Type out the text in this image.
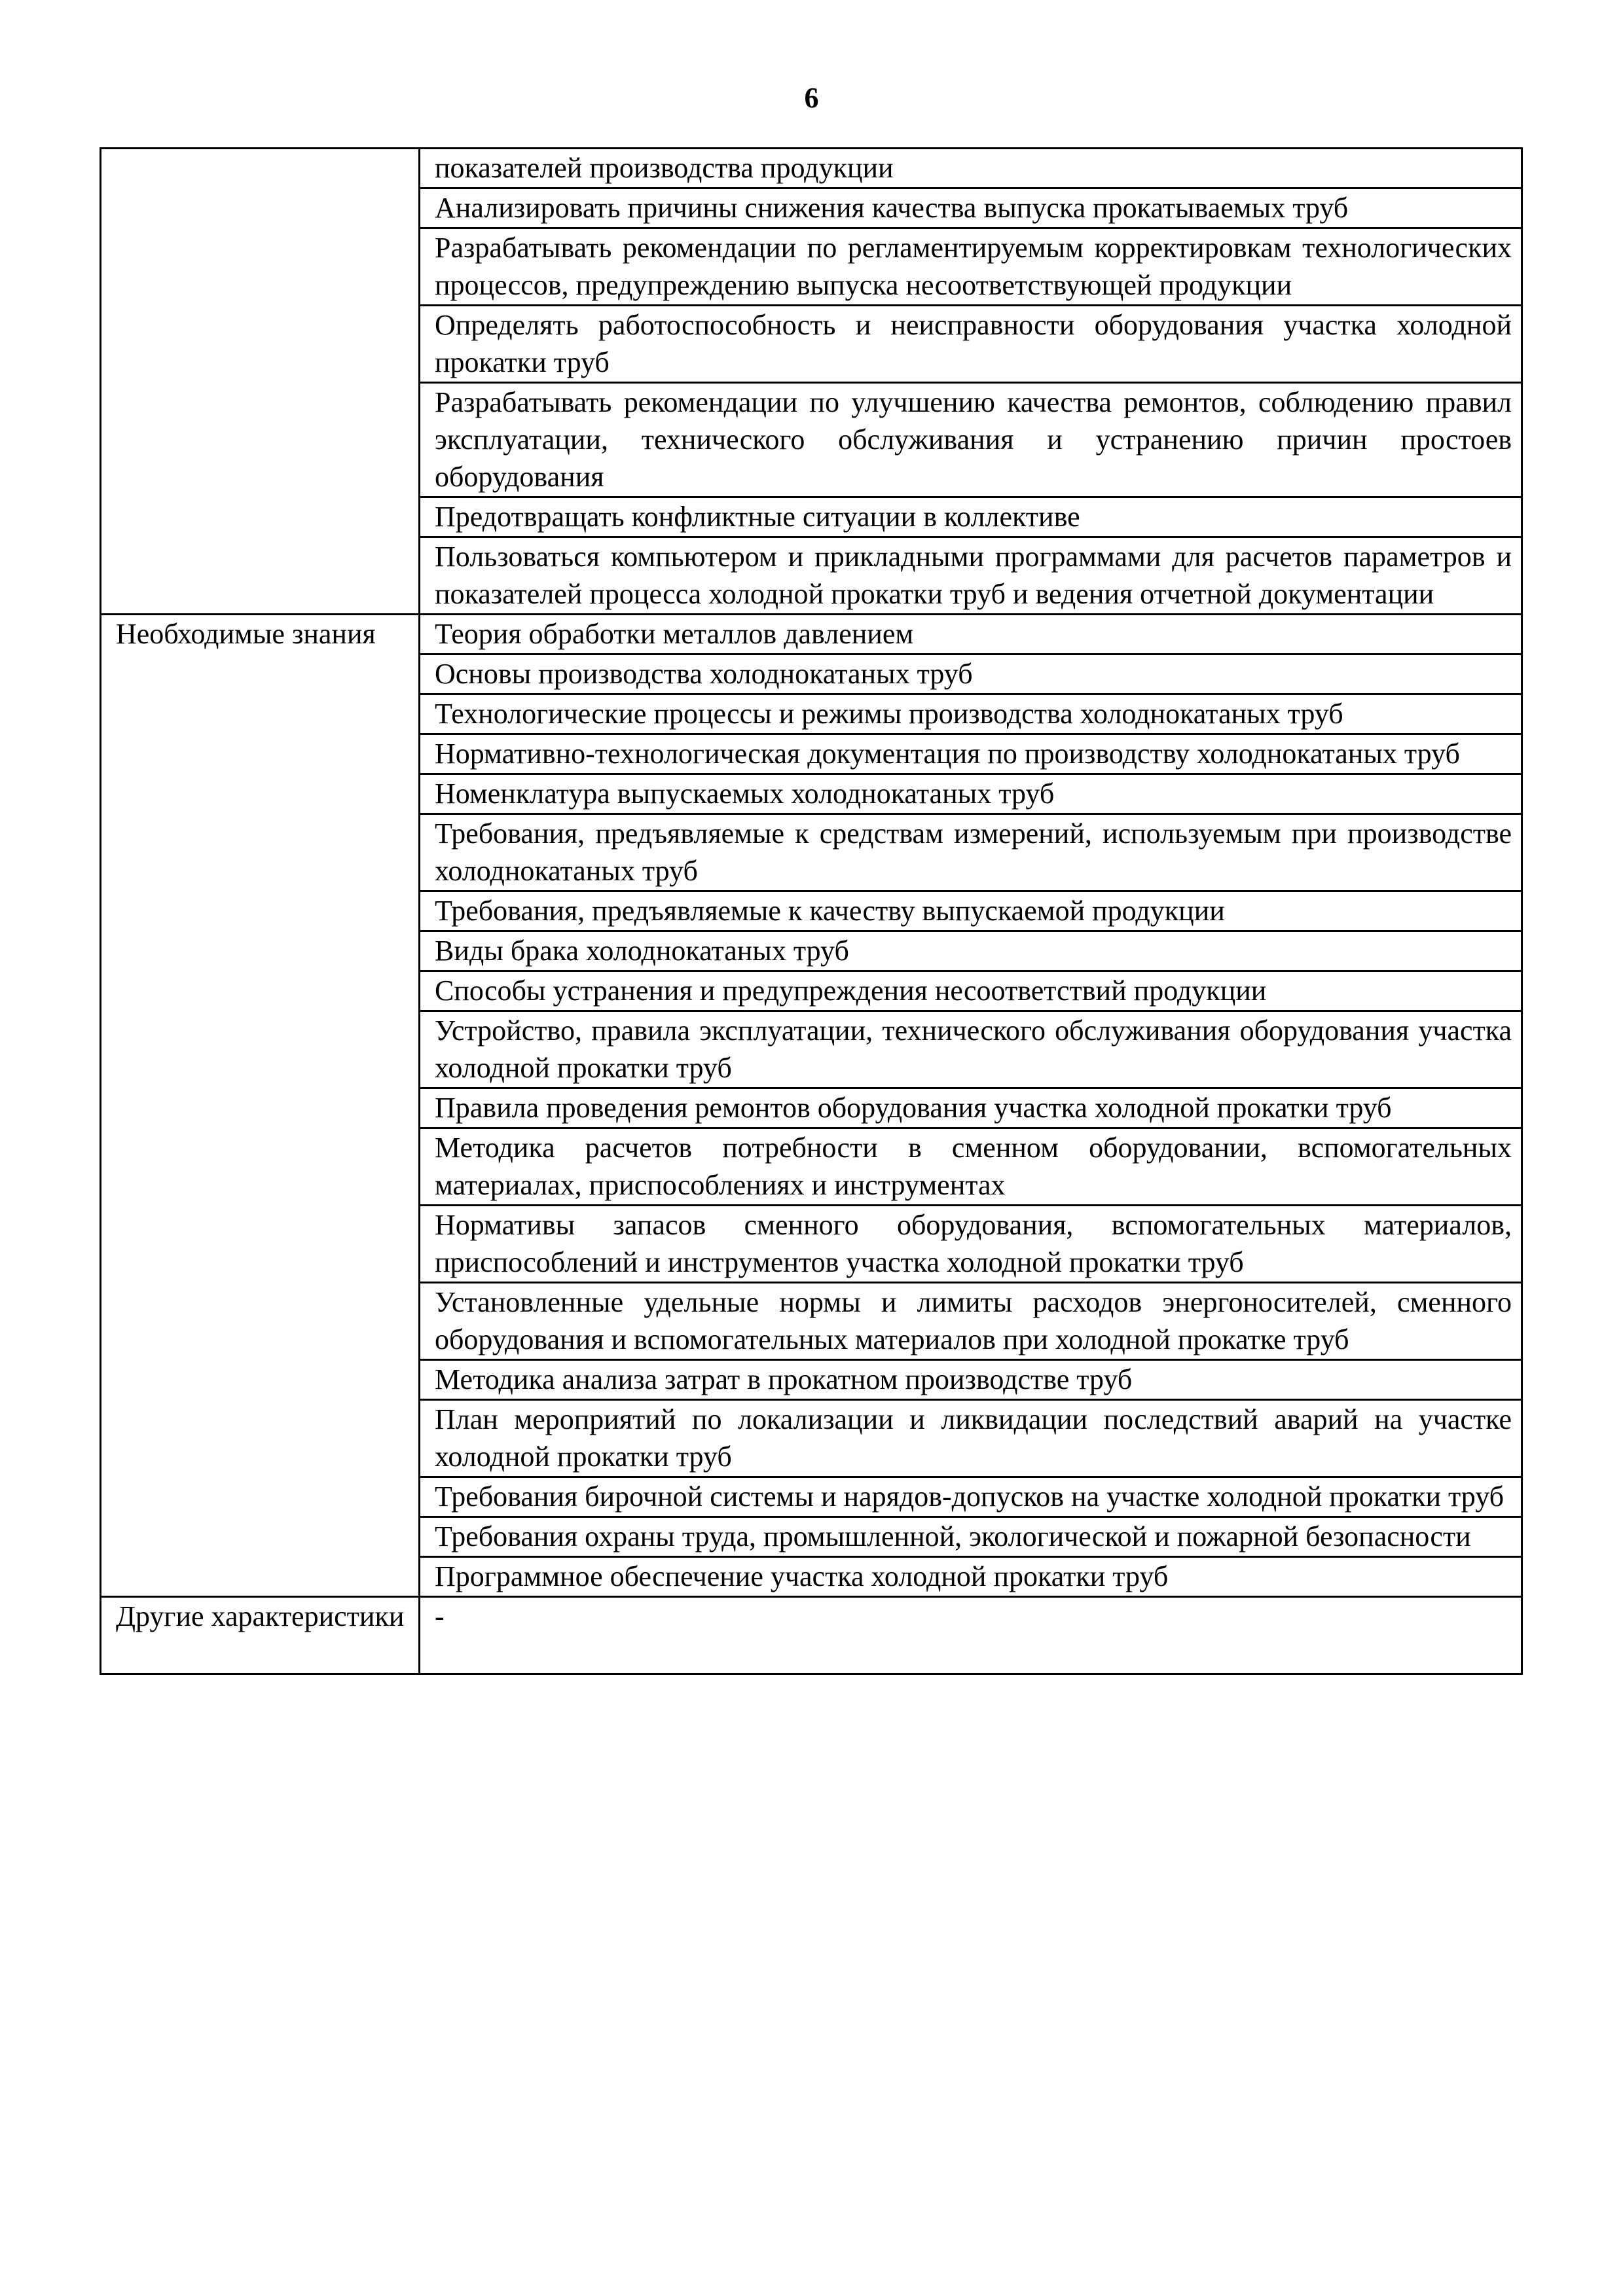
6
	показателей производства продукции
	Анализировать причины снижения качества выпуска прокатываемых труб
	Разрабатывать рекомендации по регламентируемым корректировкам технологических процессов, предупреждению выпуска несоответствующей продукции
	Определять работоспособность и неисправности оборудования участка холодной прокатки труб
	Разрабатывать рекомендации по улучшению качества ремонтов, соблюдению правил эксплуатации, технического обслуживания и устранению причин простоев оборудования
	Предотвращать конфликтные ситуации в коллективе
	Пользоваться компьютером и прикладными программами для расчетов параметров и показателей процесса холодной прокатки труб и ведения отчетной документации
Необходимые знания	Теория обработки металлов давлением
	Основы производства холоднокатаных труб
	Технологические процессы и режимы производства холоднокатаных труб
	Нормативно-технологическая документация по производству холоднокатаных труб
	Номенклатура выпускаемых холоднокатаных труб
	Требования, предъявляемые к средствам измерений, используемым при производстве холоднокатаных труб
	Требования, предъявляемые к качеству выпускаемой продукции
	Виды брака холоднокатаных труб
	Способы устранения и предупреждения несоответствий продукции
	Устройство, правила эксплуатации, технического обслуживания оборудования участка холодной прокатки труб
	Правила проведения ремонтов оборудования участка холодной прокатки труб
	Методика расчетов потребности в сменном оборудовании, вспомогательных материалах, приспособлениях и инструментах
	Нормативы запасов сменного оборудования, вспомогательных материалов, приспособлений и инструментов участка холодной прокатки труб
	Установленные удельные нормы и лимиты расходов энергоносителей, сменного оборудования и вспомогательных материалов при холодной прокатке труб
	Методика анализа затрат в прокатном производстве труб
	План мероприятий по локализации и ликвидации последствий аварий на участке холодной прокатки труб
	Требования бирочной системы и нарядов-допусков на участке холодной прокатки труб
	Требования охраны труда, промышленной, экологической и пожарной безопасности
	Программное обеспечение участка холодной прокатки труб
Другие характеристики	-
